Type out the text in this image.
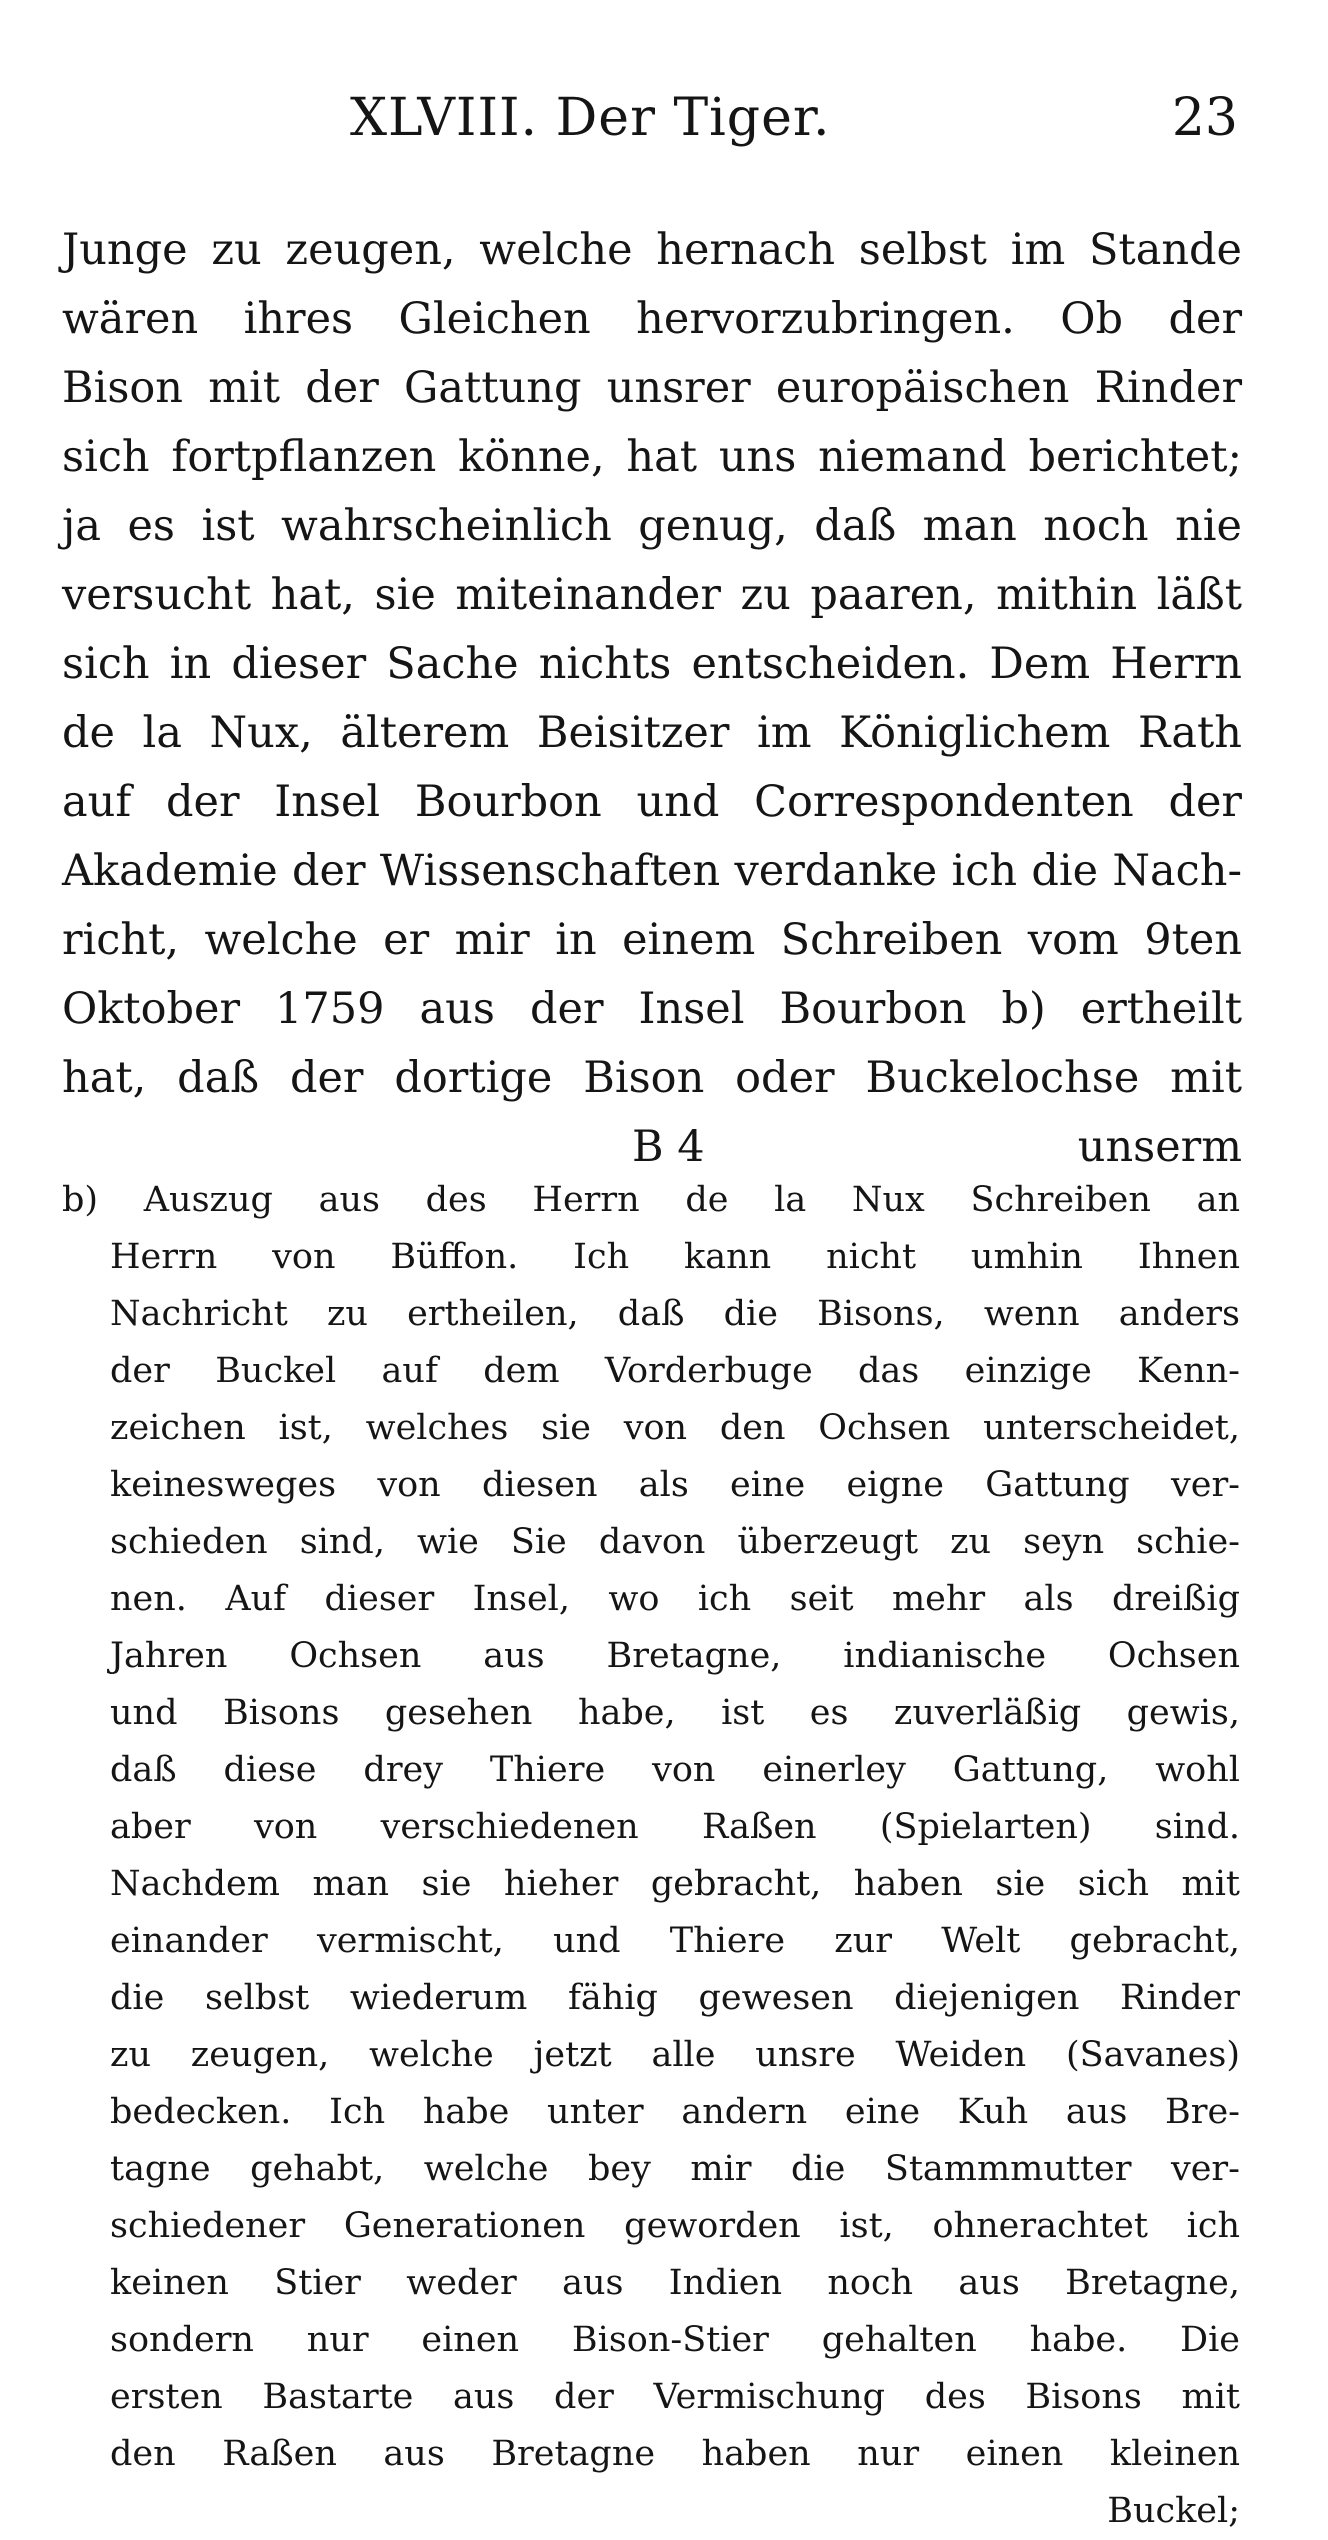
XLVIII. Der Tiger.	23
Junge zu zeugen, welche hernach selbst im Stande
wären ihres Gleichen hervorzubringen. Ob der
Bison mit der Gattung unsrer europäischen Rinder
sich fortpflanzen könne, hat uns niemand berichtet;
ja es ist wahrscheinlich genug, daß man noch nie
versucht hat, sie miteinander zu paaren, mithin läßt
sich in dieser Sache nichts entscheiden. Dem Herrn
de la Nux, älterem Beisitzer im Königlichem Rath
auf der Insel Bourbon und Correspondenten der
Akademie der Wissenschaften verdanke ich die Nach-
richt, welche er mir in einem Schreiben vom 9ten
Oktober 1759 aus der Insel Bourbon b) ertheilt
hat, daß der dortige Bison oder Buckelochse mit
B 4	unserm
b) Auszug aus des Herrn de la Nux Schreiben an
Herrn von Büffon. Ich kann nicht umhin Ihnen
Nachricht zu ertheilen, daß die Bisons, wenn anders
der Buckel auf dem Vorderbuge das einzige Kenn-
zeichen ist, welches sie von den Ochsen unterscheidet,
keinesweges von diesen als eine eigne Gattung ver-
schieden sind, wie Sie davon überzeugt zu seyn schie-
nen. Auf dieser Insel, wo ich seit mehr als dreißig
Jahren Ochsen aus Bretagne, indianische Ochsen
und Bisons gesehen habe, ist es zuverläßig gewis,
daß diese drey Thiere von einerley Gattung, wohl
aber von verschiedenen Raßen (Spielarten) sind.
Nachdem man sie hieher gebracht, haben sie sich mit
einander vermischt, und Thiere zur Welt gebracht,
die selbst wiederum fähig gewesen diejenigen Rinder
zu zeugen, welche jetzt alle unsre Weiden (Savanes)
bedecken. Ich habe unter andern eine Kuh aus Bre-
tagne gehabt, welche bey mir die Stammmutter ver-
schiedener Generationen geworden ist, ohnerachtet ich
keinen Stier weder aus Indien noch aus Bretagne,
sondern nur einen Bison-Stier gehalten habe. Die
ersten Bastarte aus der Vermischung des Bisons mit
den Raßen aus Bretagne haben nur einen kleinen
Buckel;
